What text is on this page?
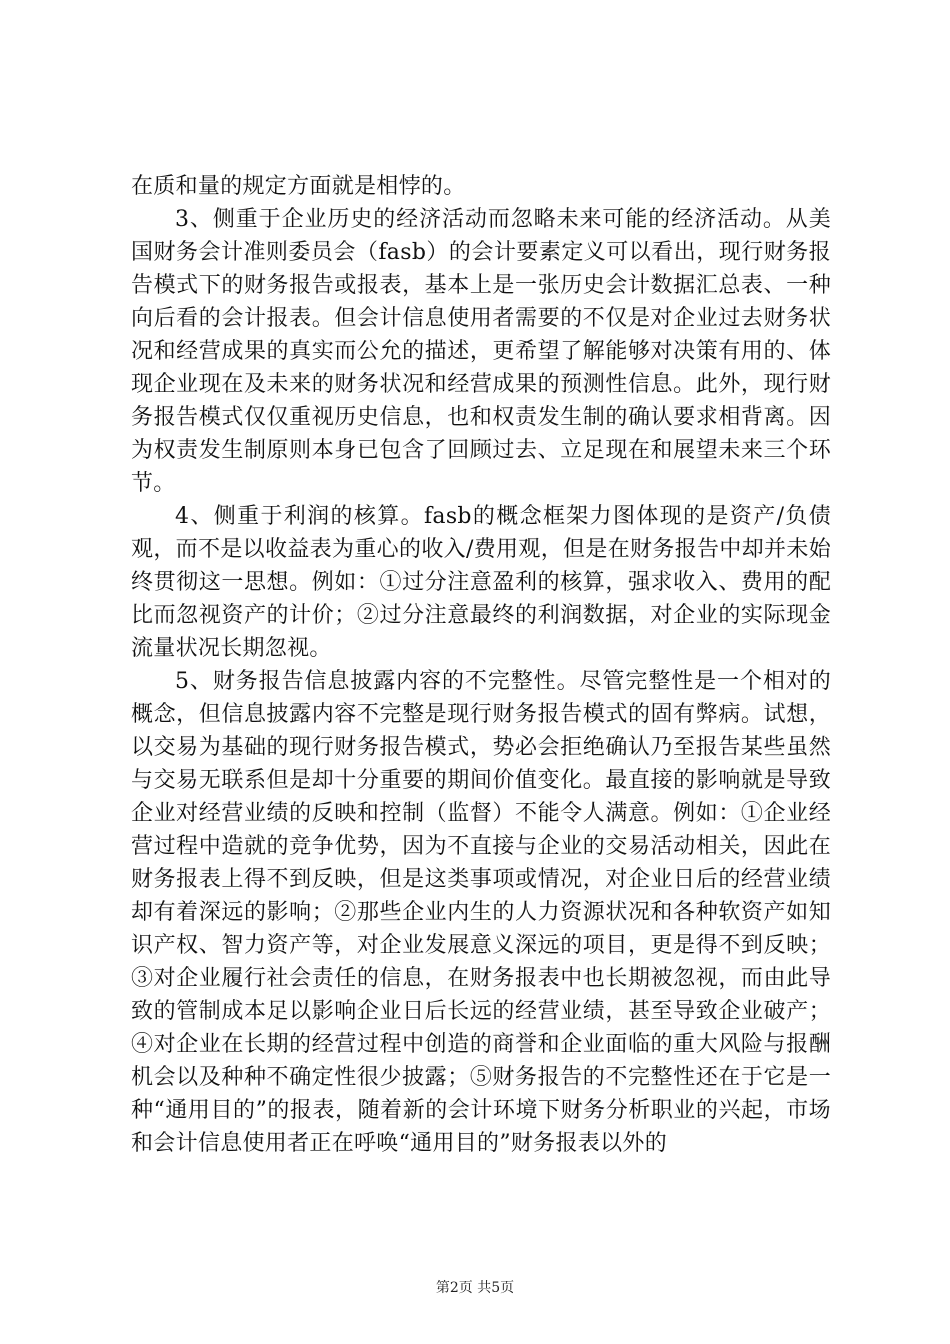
在质和量的规定方面就是相悖的。

3、侧重于企业历史的经济活动而忽略未来可能的经济活动。从美国财务会计准则委员会（fasb）的会计要素定义可以看出，现行财务报告模式下的财务报告或报表，基本上是一张历史会计数据汇总表、一种向后看的会计报表。但会计信息使用者需要的不仅是对企业过去财务状况和经营成果的真实而公允的描述，更希望了解能够对决策有用的、体现企业现在及未来的财务状况和经营成果的预测性信息。此外，现行财务报告模式仅仅重视历史信息，也和权责发生制的确认要求相背离。因为权责发生制原则本身已包含了回顾过去、立足现在和展望未来三个环节。

4、侧重于利润的核算。fasb的概念框架力图体现的是资产/负债观，而不是以收益表为重心的收入/费用观，但是在财务报告中却并未始终贯彻这一思想。例如：①过分注意盈利的核算，强求收入、费用的配比而忽视资产的计价；②过分注意最终的利润数据，对企业的实际现金流量状况长期忽视。

5、财务报告信息披露内容的不完整性。尽管完整性是一个相对的概念，但信息披露内容不完整是现行财务报告模式的固有弊病。试想，以交易为基础的现行财务报告模式，势必会拒绝确认乃至报告某些虽然与交易无联系但是却十分重要的期间价值变化。最直接的影响就是导致企业对经营业绩的反映和控制（监督）不能令人满意。例如：①企业经营过程中造就的竞争优势，因为不直接与企业的交易活动相关，因此在财务报表上得不到反映，但是这类事项或情况，对企业日后的经营业绩却有着深远的影响；②那些企业内生的人力资源状况和各种软资产如知识产权、智力资产等，对企业发展意义深远的项目，更是得不到反映；③对企业履行社会责任的信息，在财务报表中也长期被忽视，而由此导致的管制成本足以影响企业日后长远的经营业绩，甚至导致企业破产；④对企业在长期的经营过程中创造的商誉和企业面临的重大风险与报酬机会以及种种不确定性很少披露；⑤财务报告的不完整性还在于它是一种“通用目的”的报表，随着新的会计环境下财务分析职业的兴起，市场和会计信息使用者正在呼唤“通用目的”财务报表以外的

第2页 共5页
